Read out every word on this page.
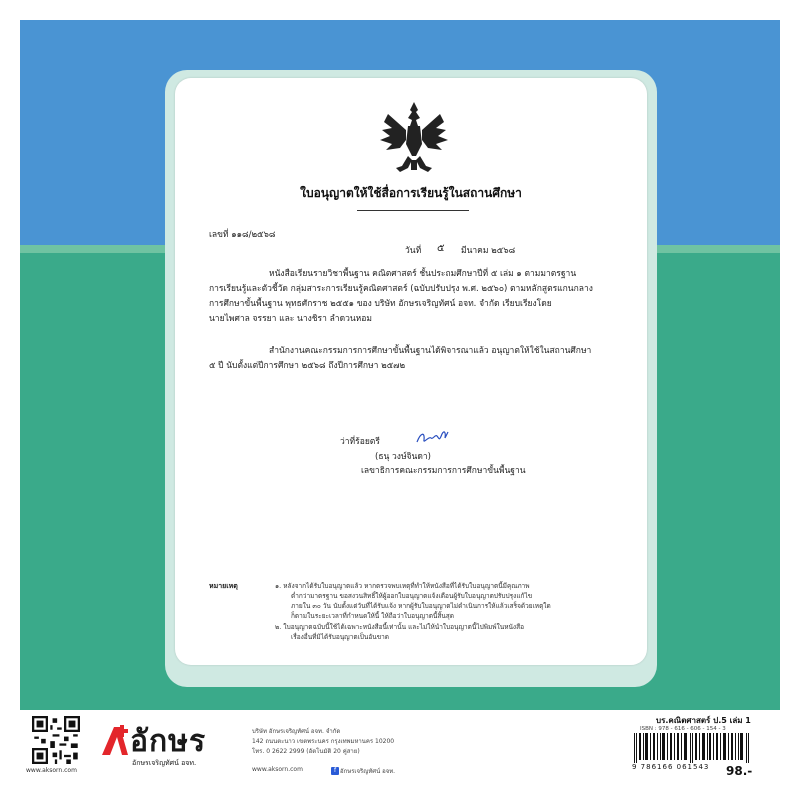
ใบอนุญาตให้ใช้สื่อการเรียนรู้ในสถานศึกษา
เลขที่ ๑๑๘/๒๕๖๘
วันที่ ๕ มีนาคม ๒๕๖๘
หนังสือเรียนรายวิชาพื้นฐาน คณิตศาสตร์ ชั้นประถมศึกษาปีที่ ๕ เล่ม ๑ ตามมาตรฐาน
การเรียนรู้และตัวชี้วัด กลุ่มสาระการเรียนรู้คณิตศาสตร์ (ฉบับปรับปรุง พ.ศ. ๒๕๖๐) ตามหลักสูตรแกนกลาง
การศึกษาขั้นพื้นฐาน พุทธศักราช ๒๕๕๑ ของ บริษัท อักษรเจริญทัศน์ อจท. จำกัด เรียบเรียงโดย
นายไพศาล จรรยา และ นางชิรา ลำดวนหอม
สำนักงานคณะกรรมการการศึกษาขั้นพื้นฐานได้พิจารณาแล้ว อนุญาตให้ใช้ในสถานศึกษา
๕ ปี นับตั้งแต่ปีการศึกษา ๒๕๖๘ ถึงปีการศึกษา ๒๕๗๒
ว่าที่ร้อยตรี
(ธนุ วงษ์จินดา)
เลขาธิการคณะกรรมการการศึกษาขั้นพื้นฐาน
หมายเหตุ	๑. หลังจากได้รับใบอนุญาตแล้ว หากตรวจพบเหตุที่ทำให้หนังสือที่ได้รับใบอนุญาตนี้มีคุณภาพ
ต่ำกว่ามาตรฐาน ขอสงวนสิทธิ์ให้ผู้ออกใบอนุญาตแจ้งเตือนผู้รับใบอนุญาตปรับปรุงแก้ไข
ภายใน ๓๐ วัน นับตั้งแต่วันที่ได้รับแจ้ง หากผู้รับใบอนุญาตไม่ดำเนินการให้แล้วเสร็จด้วยเหตุใด
ก็ตามในระยะเวลาที่กำหนดให้นี้ ให้ถือว่าใบอนุญาตนี้สิ้นสุด
๒. ใบอนุญาตฉบับนี้ใช้ได้เฉพาะหนังสือนี้เท่านั้น และไม่ให้นำใบอนุญาตนี้ไปพิมพ์ในหนังสือ
เรื่องอื่นที่มิได้รับอนุญาตเป็นอันขาด
www.aksorn.com
อักษร
อักษรเจริญทัศน์ อจท.
บริษัท อักษรเจริญทัศน์ อจท. จำกัด
142 ถนนตะนาว เขตพระนคร กรุงเทพมหานคร 10200
โทร. 0 2622 2999 (อัตโนมัติ 20 คู่สาย)
www.aksorn.com	f อักษรเจริญทัศน์ อจท.
บร.คณิตศาสตร์ ป.5 เล่ม 1
ISBN : 978 - 616 - 606 - 154 - 3
9 786166 061543 98.-
